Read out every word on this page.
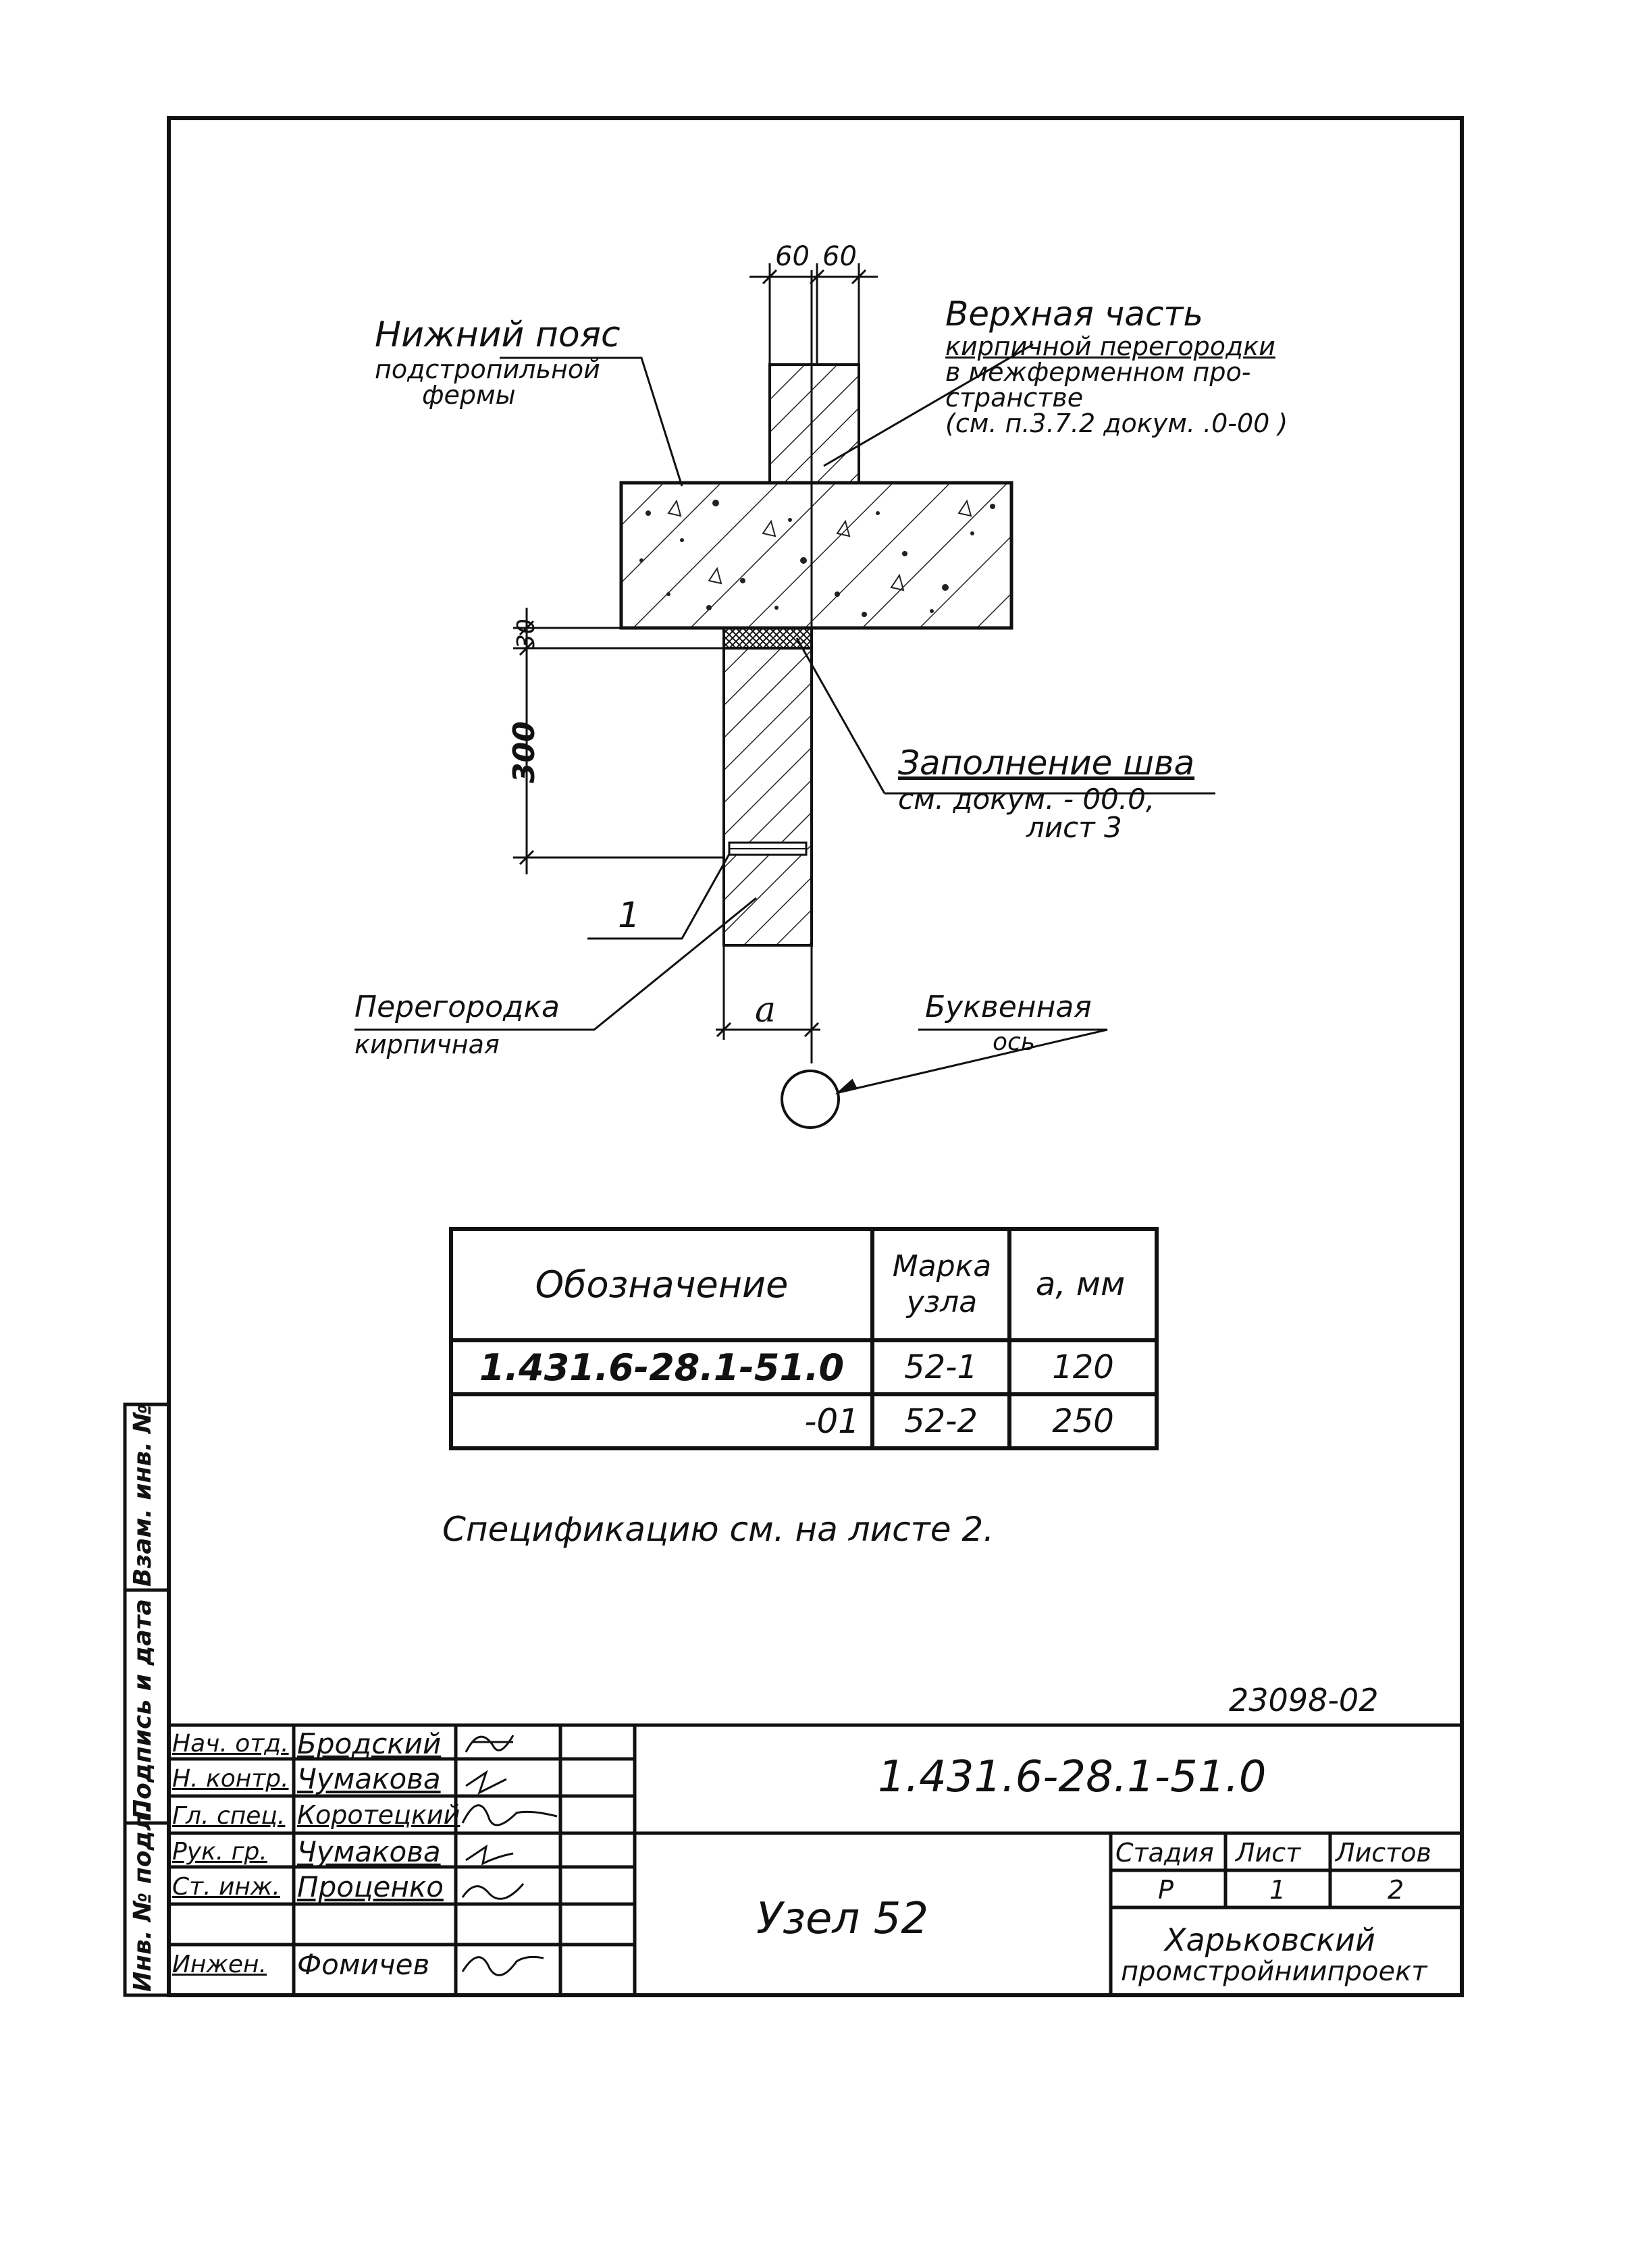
60 60
Нижний пояс
подстропильной
фермы
Верхная часть
кирпичной перегородки
в межферменном про-
странстве
(см. п.3.7.2 докум. .0-00 )
30
300	Заполнение шва
см. докум. - 00.0,
лист 3
1
Перегородка
кирпичная
a	Буквенная
ось
Обозначение	Марка узла	a, мм
1.431.6-28.1-51.0	52-1	120
-01	52-2	250
Спецификацию см. на листе 2.
23098-02
Инв. № подл.
Подпись и дата
Взам. инв. №
1.431.6-28.1-51.0
Узел 52
Стадия Лист Листов
Р	1	2
Харьковский
промстройниипроект
Нач. отд. Бродский
Н. контр. Чумакова
Гл. спец. Коротецкий
Рук. гр. Чумакова
Ст. инж. Проценко
Инжен. Фомичев
